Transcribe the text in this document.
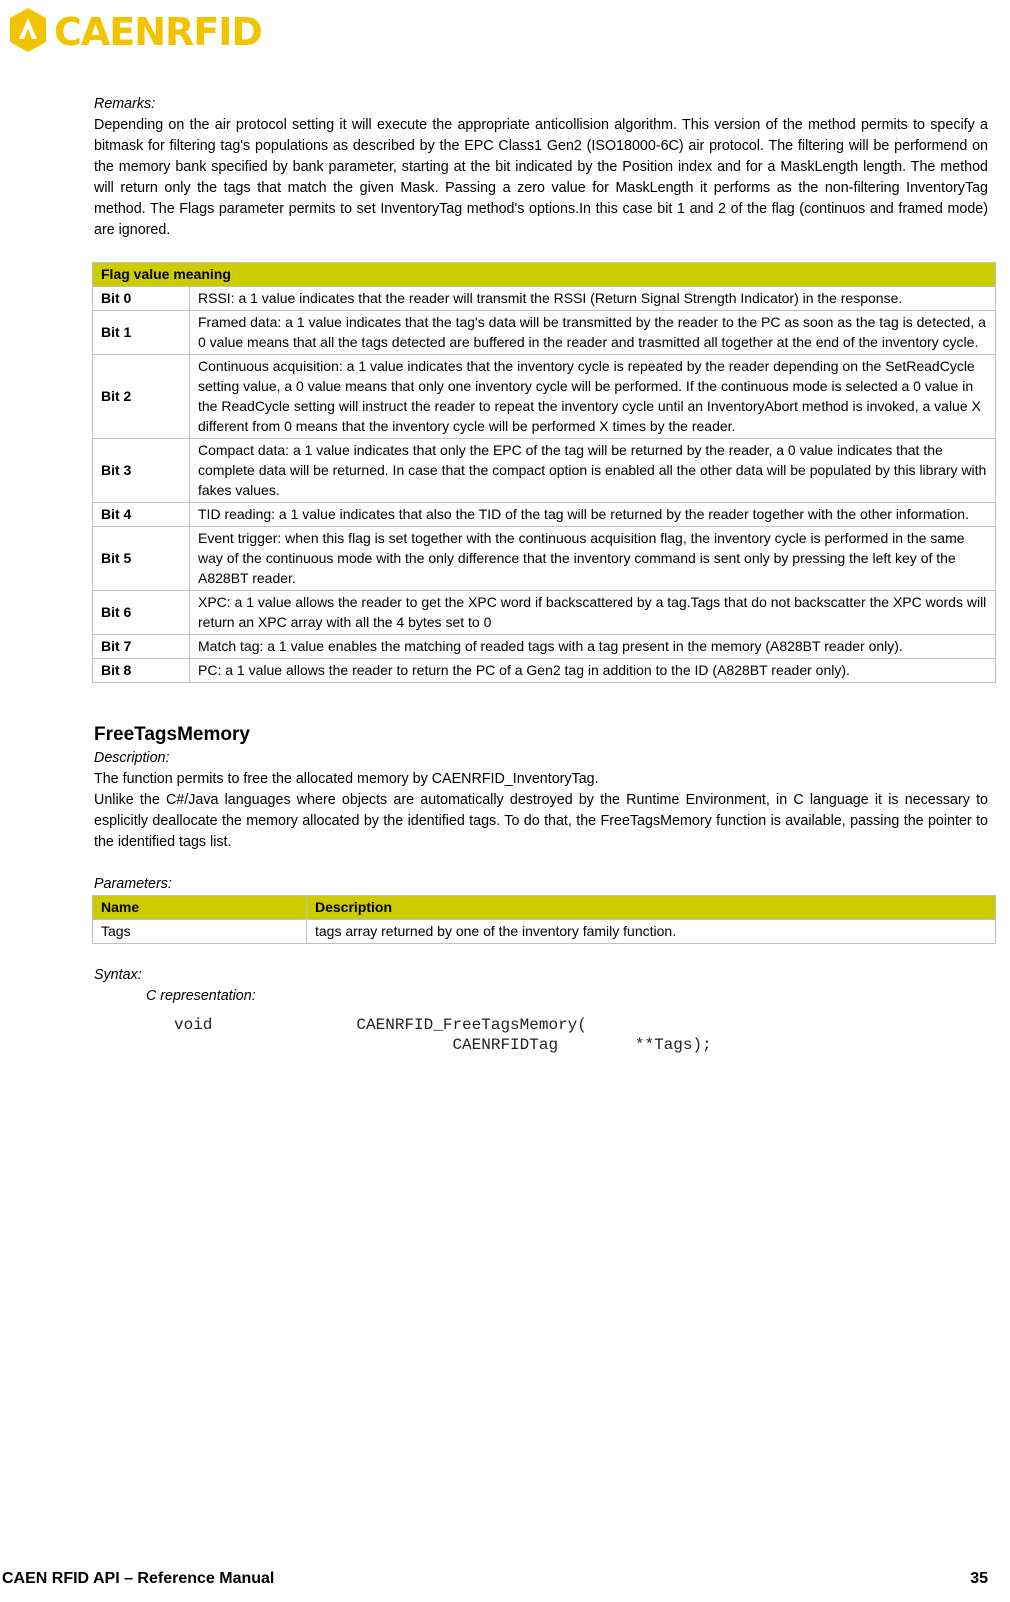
CAENRFID

Remarks:

Depending on the air protocol setting it will execute the appropriate anticollision algorithm. This version of the method permits to specify a bitmask for filtering tag's populations as described by the EPC Class1 Gen2 (ISO18000-6C) air protocol. The filtering will be performend on the memory bank specified by bank parameter, starting at the bit indicated by the Position index and for a MaskLength length. The method will return only the tags that match the given Mask. Passing a zero value for MaskLength it performs as the non-filtering InventoryTag method. The Flags parameter permits to set InventoryTag method's options.In this case bit 1 and 2 of the flag (continuos and framed mode) are ignored.

Flag value meaning	
Bit 0	RSSI: a 1 value indicates that the reader will transmit the RSSI (Return Signal Strength Indicator) in the response.
Bit 1	Framed data: a 1 value indicates that the tag's data will be transmitted by the reader to the PC as soon as the tag is detected, a 0 value means that all the tags detected are buffered in the reader and trasmitted all together at the end of the inventory cycle.
Bit 2	Continuous acquisition: a 1 value indicates that the inventory cycle is repeated by the reader depending on the SetReadCycle setting value, a 0 value means that only one inventory cycle will be performed. If the continuous mode is selected a 0 value in the ReadCycle setting will instruct the reader to repeat the inventory cycle until an InventoryAbort method is invoked, a value X different from 0 means that the inventory cycle will be performed X times by the reader.
Bit 3	Compact data: a 1 value indicates that only the EPC of the tag will be returned by the reader, a 0 value indicates that the complete data will be returned. In case that the compact option is enabled all the other data will be populated by this library with fakes values.
Bit 4	TID reading: a 1 value indicates that also the TID of the tag will be returned by the reader together with the other information.
Bit 5	Event trigger: when this flag is set together with the continuous acquisition flag, the inventory cycle is performed in the same way of the continuous mode with the only difference that the inventory command is sent only by pressing the left key of the A828BT reader.
Bit 6	XPC: a 1 value allows the reader to get the XPC word if backscattered by a tag.Tags that do not backscatter the XPC words will return an XPC array with all the 4 bytes set to 0
Bit 7	Match tag: a 1 value enables the matching of readed tags with a tag present in the memory (A828BT reader only).
Bit 8	PC: a 1 value allows the reader to return the PC of a Gen2 tag in addition to the ID (A828BT reader only).
FreeTagsMemory

Description:

The function permits to free the allocated memory by CAENRFID_InventoryTag.

Unlike the C#/Java languages where objects are automatically destroyed by the Runtime Environment, in C language it is necessary to esplicitly deallocate the memory allocated by the identified tags. To do that, the FreeTagsMemory function is available, passing the pointer to the identified tags list.

Parameters:

Name	Description
Tags	tags array returned by one of the inventory family function.

Syntax:

C representation:

void               CAENRFID_FreeTagsMemory(
CAENRFIDTag        **Tags);
CAEN RFID API – Reference Manual	35
